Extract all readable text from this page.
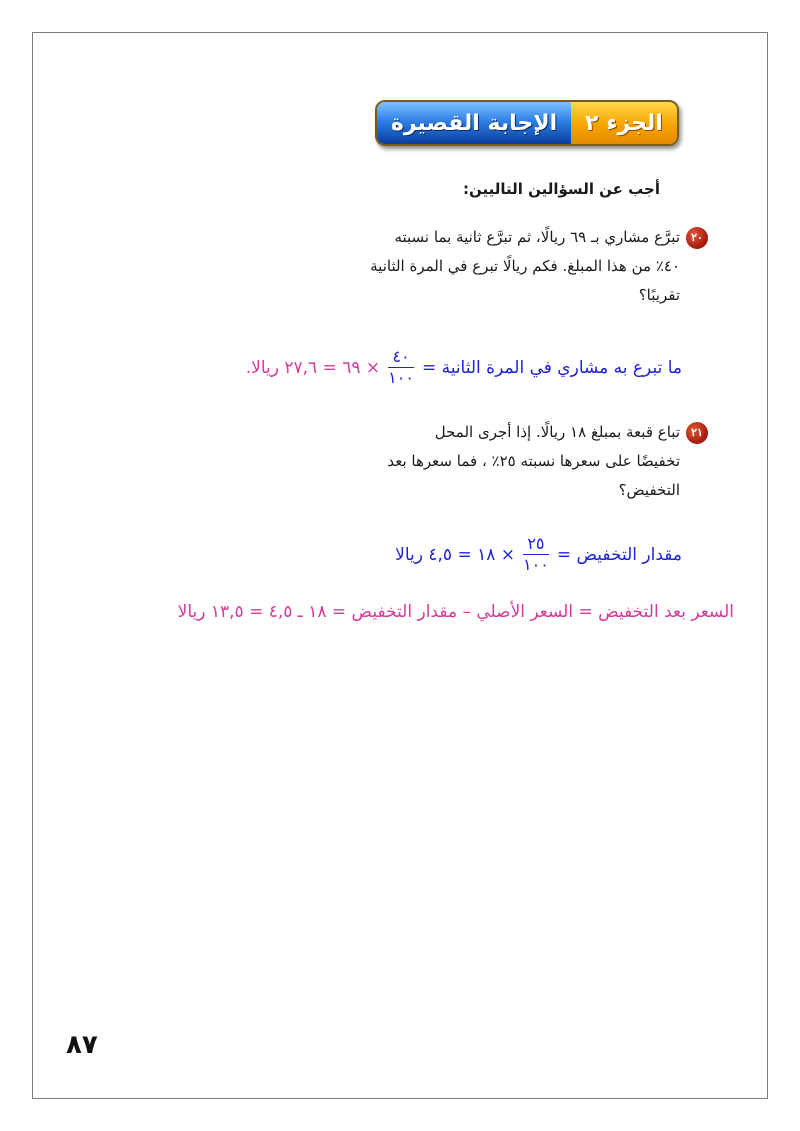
الجزء ٢
الإجابة القصيرة
أجب عن السؤالين التاليين:
٢٠
تبرَّع مشاري بـ ٦٩ ريالًا، ثم تبرَّع ثانية بما نسبته
٤٠٪ من هذا المبلغ. فكم ريالًا تبرع في المرة الثانية
تقريبًا؟
ما تبرع به مشاري في المرة الثانية =
$\frac{٤٠}{١٠٠}$
× ٦٩ = ٢٧,٦ ريالا.
٢١
تباع قبعة بمبلغ ١٨ ريالًا. إذا أجرى المحل
تخفيضًا على سعرها نسبته ٢٥٪ ، فما سعرها بعد
التخفيض؟
مقدار التخفيض =
$\frac{٢٥}{١٠٠}$
× ١٨ = ٤,٥ ريالا
السعر بعد التخفيض = السعر الأصلي – مقدار التخفيض = ١٨ ـ ٤,٥ = ١٣,٥ ريالا
٨٧
